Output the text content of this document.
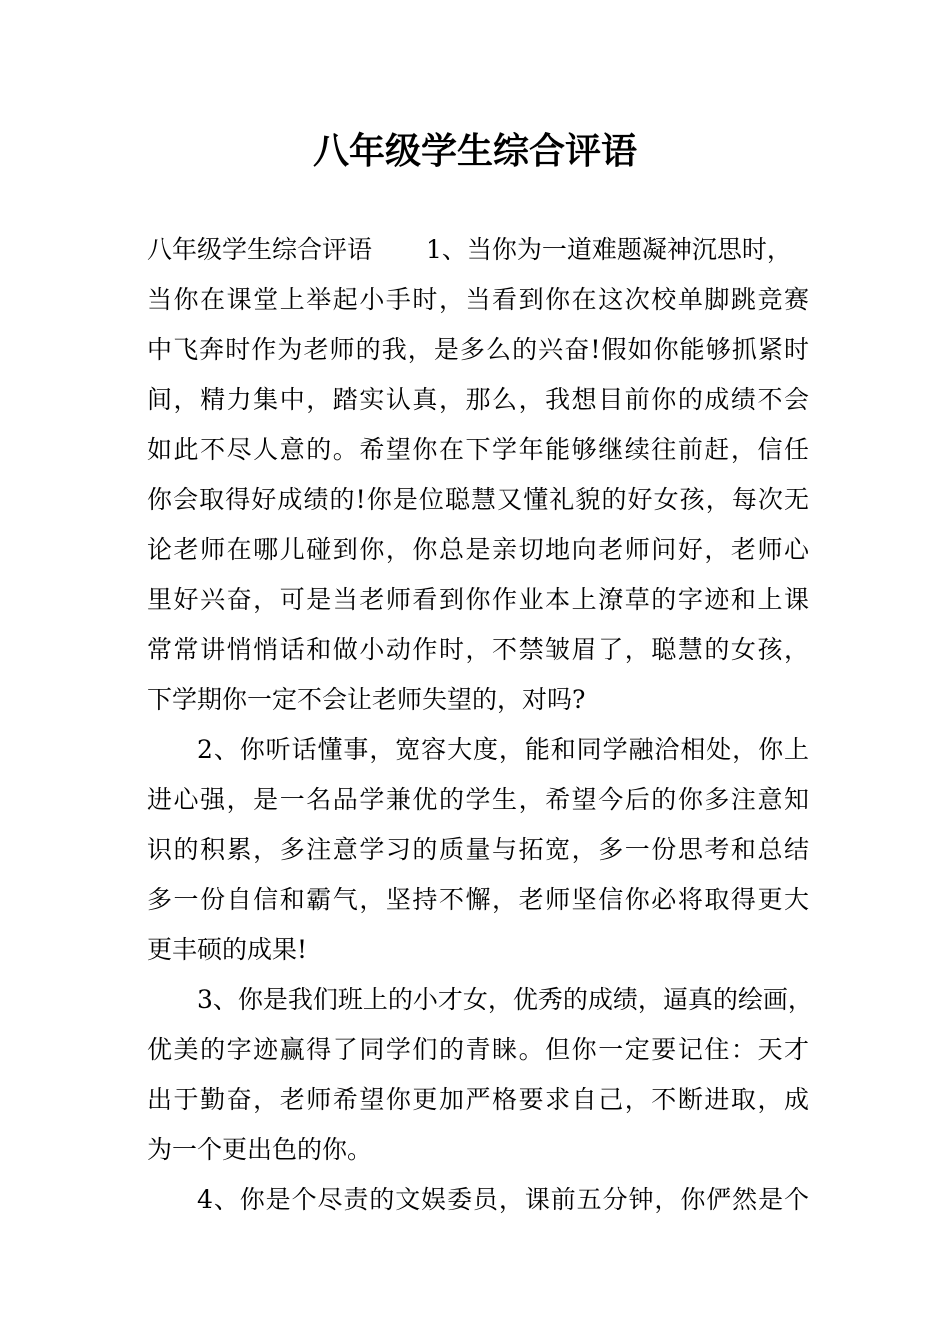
八年级学生综合评语
八年级学生综合评语 1、当你为一道难题凝神沉思时，
当你在课堂上举起小手时，当看到你在这次校单脚跳竞赛
中飞奔时作为老师的我，是多么的兴奋!假如你能够抓紧时
间，精力集中，踏实认真，那么，我想目前你的成绩不会
如此不尽人意的。希望你在下学年能够继续往前赶，信任
你会取得好成绩的!你是位聪慧又懂礼貌的好女孩，每次无
论老师在哪儿碰到你，你总是亲切地向老师问好，老师心
里好兴奋，可是当老师看到你作业本上潦草的字迹和上课
常常讲悄悄话和做小动作时，不禁皱眉了，聪慧的女孩，
下学期你一定不会让老师失望的，对吗?
2、你听话懂事，宽容大度，能和同学融洽相处，你上
进心强，是一名品学兼优的学生，希望今后的你多注意知
识的积累，多注意学习的质量与拓宽，多一份思考和总结
多一份自信和霸气，坚持不懈，老师坚信你必将取得更大
更丰硕的成果!
3、你是我们班上的小才女，优秀的成绩，逼真的绘画，
优美的字迹赢得了同学们的青睐。但你一定要记住：天才
出于勤奋，老师希望你更加严格要求自己，不断进取，成
为一个更出色的你。
4、你是个尽责的文娱委员，课前五分钟，你俨然是个
